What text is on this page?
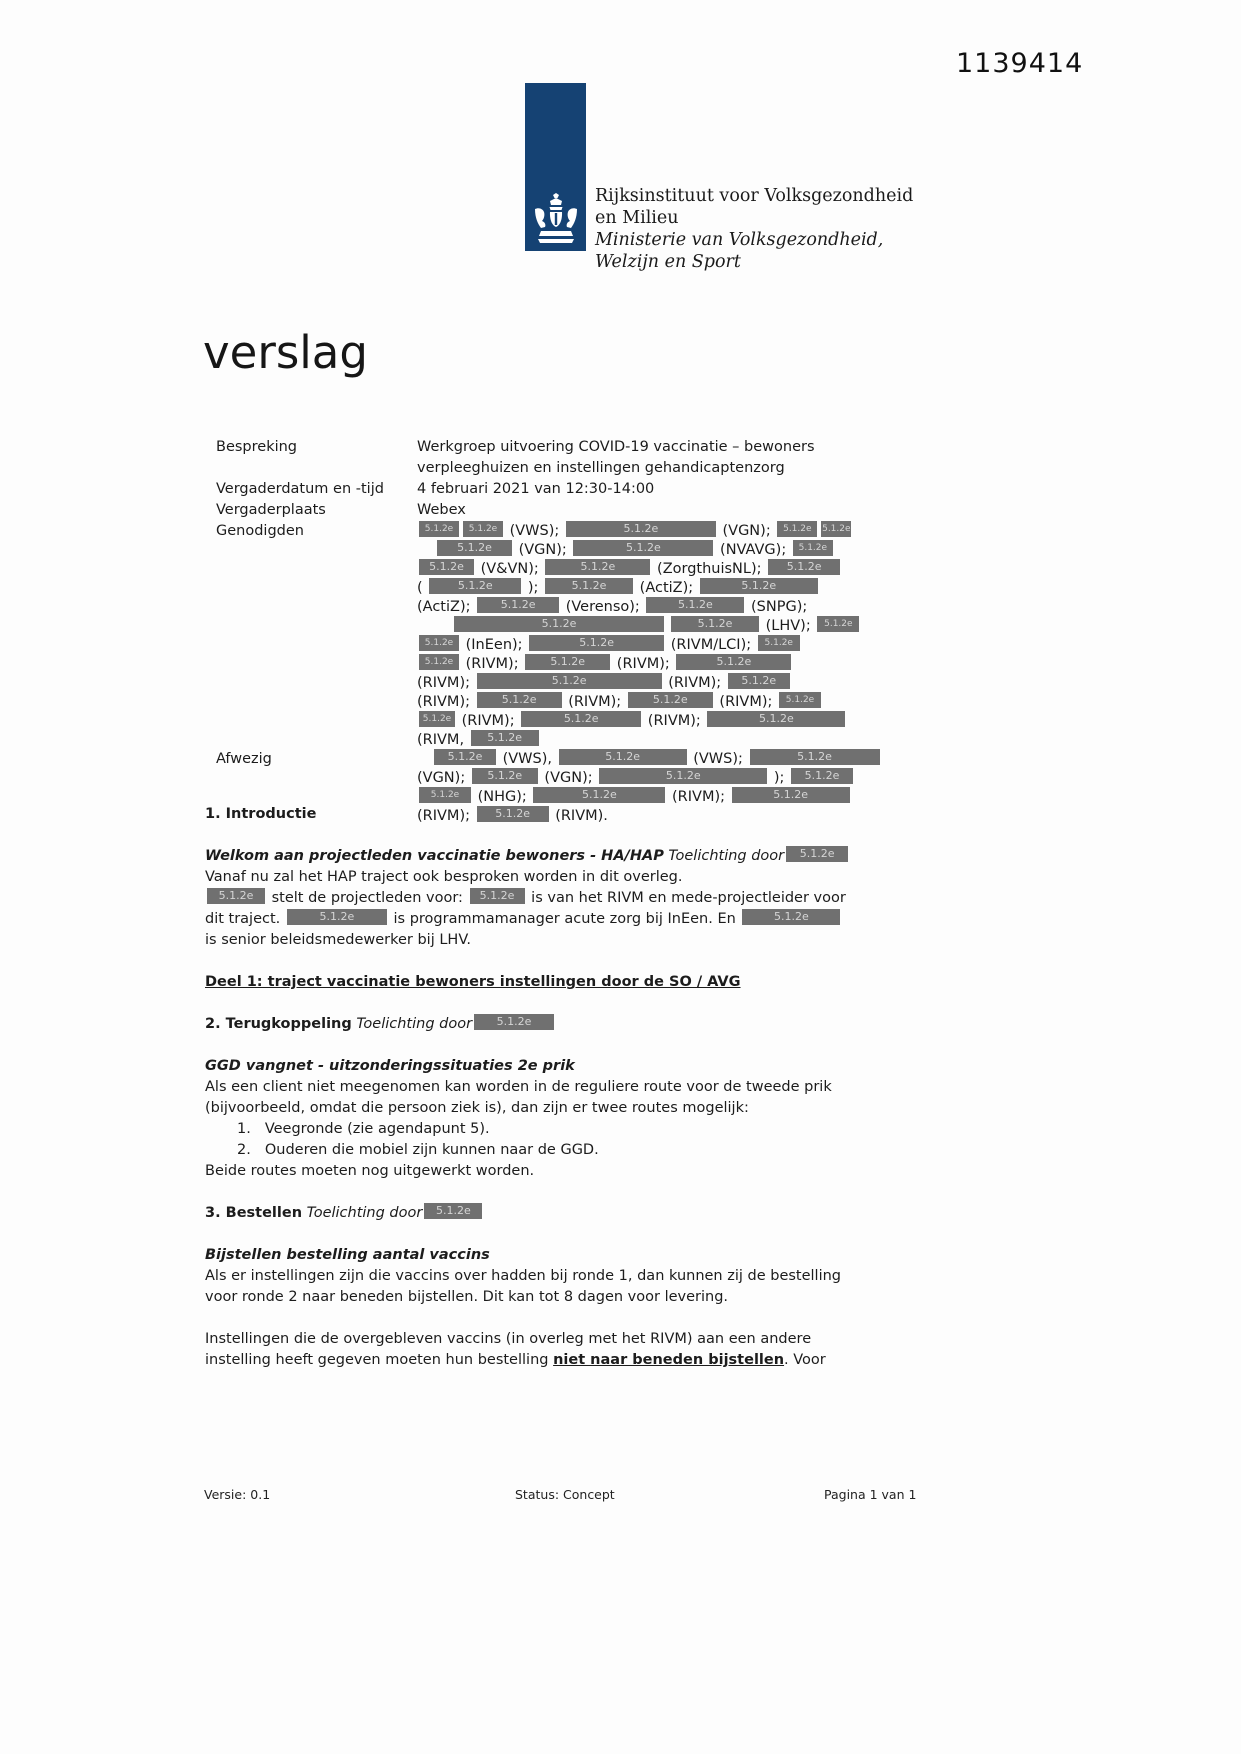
1139414
Rijksinstituut voor Volksgezondheid
en Milieu
Ministerie van Volksgezondheid,
Welzijn en Sport
verslag
Bespreking	Werkgroep uitvoering COVID-19 vaccinatie – bewoners
verpleeghuizen en instellingen gehandicaptenzorg
Vergaderdatum en -tijd	4 februari 2021 van 12:30-14:00
Vergaderplaats	Webex
Genodigden	5.1.2e 5.1.2e (VWS);	5.1.2e	(VGN); 5.1.2e 5.1.2e
5.1.2e (VGN);	5.1.2e	(NVAVG); 5.1.2e
5.1.2e (V&VN);	5.1.2e	(ZorgthuisNL); 5.1.2e
(	5.1.2e );	5.1.2e (ActiZ);	5.1.2e
(ActiZ); 5.1.2e (Verenso);	5.1.2e (SNPG);
5.1.2e	5.1.2e (LHV); 5.1.2e
5.1.2e (InEen);	5.1.2e	(RIVM/LCI); 5.1.2e
5.1.2e (RIVM); 5.1.2e (RIVM);	5.1.2e
(RIVM);	5.1.2e	(RIVM); 5.1.2e
(RIVM); 5.1.2e (RIVM); 5.1.2e (RIVM); 5.1.2e
5.1.2e (RIVM);	5.1.2e	(RIVM);	5.1.2e
(RIVM, 5.1.2e
Afwezig	5.1.2e (VWS),	5.1.2e	(VWS);	5.1.2e
(VGN); 5.1.2e (VGN);	5.1.2e	); 5.1.2e
5.1.2e (NHG);	5.1.2e	(RIVM);	5.1.2e
(RIVM); 5.1.2e (RIVM).
1. Introductie
Welkom aan projectleden vaccinatie bewoners - HA/HAP Toelichting door 5.1.2e
Vanaf nu zal het HAP traject ook besproken worden in dit overleg.
5.1.2e stelt de projectleden voor: 5.1.2e is van het RIVM en mede-projectleider voor
dit traject.	5.1.2e is programmamanager acute zorg bij InEen. En	5.1.2e
is senior beleidsmedewerker bij LHV.
Deel 1: traject vaccinatie bewoners instellingen door de SO / AVG
2. Terugkoppeling Toelichting door 5.1.2e
GGD vangnet - uitzonderingssituaties 2e prik
Als een client niet meegenomen kan worden in de reguliere route voor de tweede prik
(bijvoorbeeld, omdat die persoon ziek is), dan zijn er twee routes mogelijk:
1. Veegronde (zie agendapunt 5).
2. Ouderen die mobiel zijn kunnen naar de GGD.
Beide routes moeten nog uitgewerkt worden.
3. Bestellen Toelichting door 5.1.2e
Bijstellen bestelling aantal vaccins
Als er instellingen zijn die vaccins over hadden bij ronde 1, dan kunnen zij de bestelling
voor ronde 2 naar beneden bijstellen. Dit kan tot 8 dagen voor levering.
Instellingen die de overgebleven vaccins (in overleg met het RIVM) aan een andere
instelling heeft gegeven moeten hun bestelling niet naar beneden bijstellen. Voor
Versie: 0.1	Status: Concept	Pagina 1 van 1
